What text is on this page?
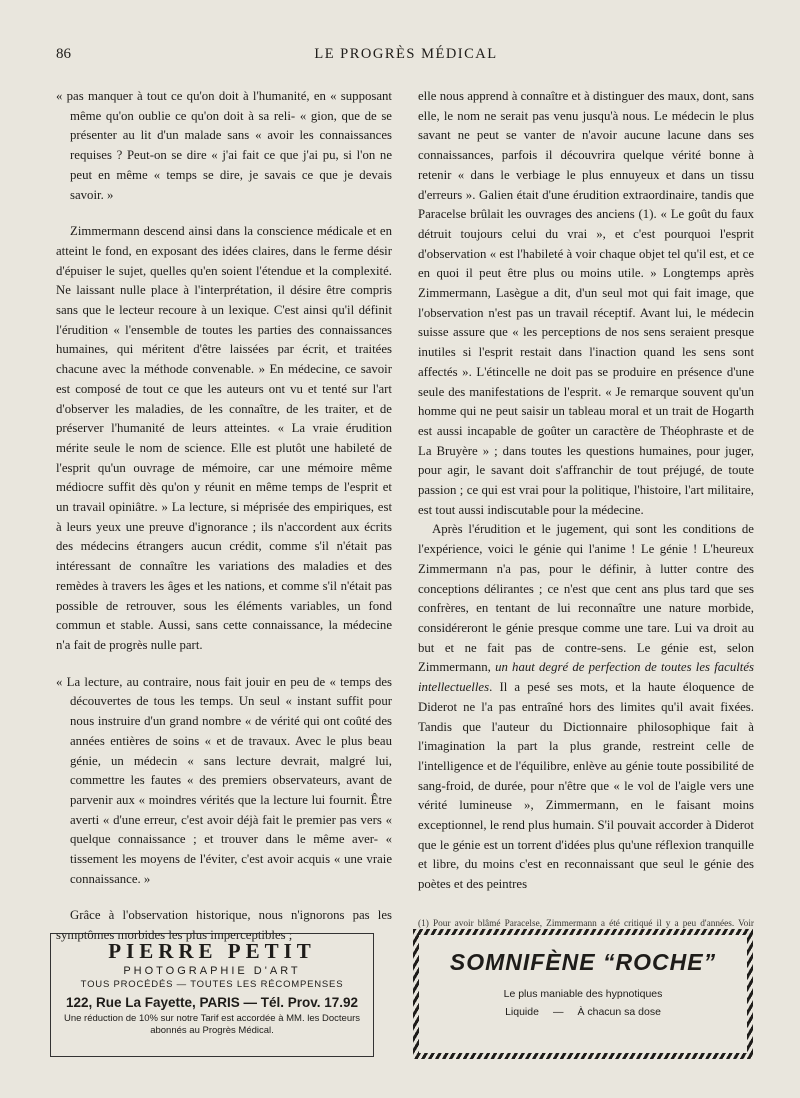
86	LE PROGRÈS MÉDICAL

« pas manquer à tout ce qu'on doit à l'humanité, en « supposant même qu'on oublie ce qu'on doit à sa reli- « gion, que de se présenter au lit d'un malade sans « avoir les connaissances requises ? Peut-on se dire « j'ai fait ce que j'ai pu, si l'on ne peut en même « temps se dire, je savais ce que je devais savoir. »

Zimmermann descend ainsi dans la conscience médicale et en atteint le fond, en exposant des idées claires, dans le ferme désir d'épuiser le sujet, quelles qu'en soient l'étendue et la complexité. Ne laissant nulle place à l'interprétation, il désire être compris sans que le lecteur recoure à un lexique. C'est ainsi qu'il définit l'érudition « l'ensemble de toutes les parties des connaissances humaines, qui méritent d'être laissées par écrit, et traitées chacune avec la méthode convenable. » En médecine, ce savoir est composé de tout ce que les auteurs ont vu et tenté sur l'art d'observer les maladies, de les connaître, de les traiter, et de préserver l'humanité de leurs atteintes. « La vraie érudition mérite seule le nom de science. Elle est plutôt une habileté de l'esprit qu'un ouvrage de mémoire, car une mémoire même médiocre suffit dès qu'on y réunit en même temps de l'esprit et un travail opiniâtre. » La lecture, si méprisée des empiriques, est à leurs yeux une preuve d'ignorance ; ils n'accordent aux écrits des médecins étrangers aucun crédit, comme s'il n'était pas intéressant de connaître les variations des maladies et des remèdes à travers les âges et les nations, et comme s'il n'était pas possible de retrouver, sous les éléments variables, un fond commun et stable. Aussi, sans cette connaissance, la médecine n'a fait de progrès nulle part.

« La lecture, au contraire, nous fait jouir en peu de « temps des découvertes de tous les temps. Un seul « instant suffit pour nous instruire d'un grand nombre « de vérité qui ont coûté des années entières de soins « et de travaux. Avec le plus beau génie, un médecin « sans lecture devrait, malgré lui, commettre les fautes « des premiers observateurs, avant de parvenir aux « moindres vérités que la lecture lui fournit. Être averti « d'une erreur, c'est avoir déjà fait le premier pas vers « quelque connaissance ; et trouver dans le même aver- « tissement les moyens de l'éviter, c'est avoir acquis « une vraie connaissance. »

Grâce à l'observation historique, nous n'ignorons pas les symptômes morbides les plus imperceptibles ;

elle nous apprend à connaître et à distinguer des maux, dont, sans elle, le nom ne serait pas venu jusqu'à nous. Le médecin le plus savant ne peut se vanter de n'avoir aucune lacune dans ses connaissances, parfois il découvrira quelque vérité bonne à retenir « dans le verbiage le plus ennuyeux et dans un tissu d'erreurs ». Galien était d'une érudition extraordinaire, tandis que Paracelse brûlait les ouvrages des anciens (1). « Le goût du faux détruit toujours celui du vrai », et c'est pourquoi l'esprit d'observation « est l'habileté à voir chaque objet tel qu'il est, et ce en quoi il peut être plus ou moins utile. » Longtemps après Zimmermann, Lasègue a dit, d'un seul mot qui fait image, que l'observation n'est pas un travail réceptif. Avant lui, le médecin suisse assure que « les perceptions de nos sens seraient presque inutiles si l'esprit restait dans l'inaction quand les sens sont affectés ». L'étincelle ne doit pas se produire en présence d'une seule des manifestations de l'esprit. « Je remarque souvent qu'un homme qui ne peut saisir un tableau moral et un trait de Hogarth est aussi incapable de goûter un caractère de Théophraste et de La Bruyère » ; dans toutes les questions humaines, pour juger, pour agir, le savant doit s'affranchir de tout préjugé, de toute passion ; ce qui est vrai pour la politique, l'histoire, l'art militaire, est tout aussi indiscutable pour la médecine.

Après l'érudition et le jugement, qui sont les conditions de l'expérience, voici le génie qui l'anime ! Le génie ! L'heureux Zimmermann n'a pas, pour le définir, à lutter contre des conceptions délirantes ; ce n'est que cent ans plus tard que ses confrères, en tentant de lui reconnaître une nature morbide, considéreront le génie presque comme une tare. Lui va droit au but et ne fait pas de contre-sens. Le génie est, selon Zimmermann, un haut degré de perfection de toutes les facultés intellectuelles. Il a pesé ses mots, et la haute éloquence de Diderot ne l'a pas entraîné hors des limites qu'il avait fixées. Tandis que l'auteur du Dictionnaire philosophique fait à l'imagination la part la plus grande, restreint celle de l'intelligence et de l'équilibre, enlève au génie toute possibilité de sang-froid, de durée, pour n'être que « le vol de l'aigle vers une vérité lumineuse », Zimmermann, en le faisant moins exceptionnel, le rend plus humain. S'il pouvait accorder à Diderot que le génie est un torrent d'idées plus qu'une réflexion tranquille et libre, du moins c'est en reconnaissant que seul le génie des poètes et des peintres

(1) Pour avoir blâmé Paracelse, Zimmermann a été critiqué il y a peu d'années. Voir
PIERRE PETIT
PHOTOGRAPHIE D'ART
TOUS PROCÉDÉS — TOUTES LES RÉCOMPENSES
122, Rue La Fayette, PARIS — Tél. Prov. 17.92
Une réduction de 10% sur notre Tarif est accordée à MM. les Docteurs abonnés au Progrès Médical.
SOMNIFÈNE “ROCHE”
Le plus maniable des hypnotiques
Liquide — À chacun sa dose
